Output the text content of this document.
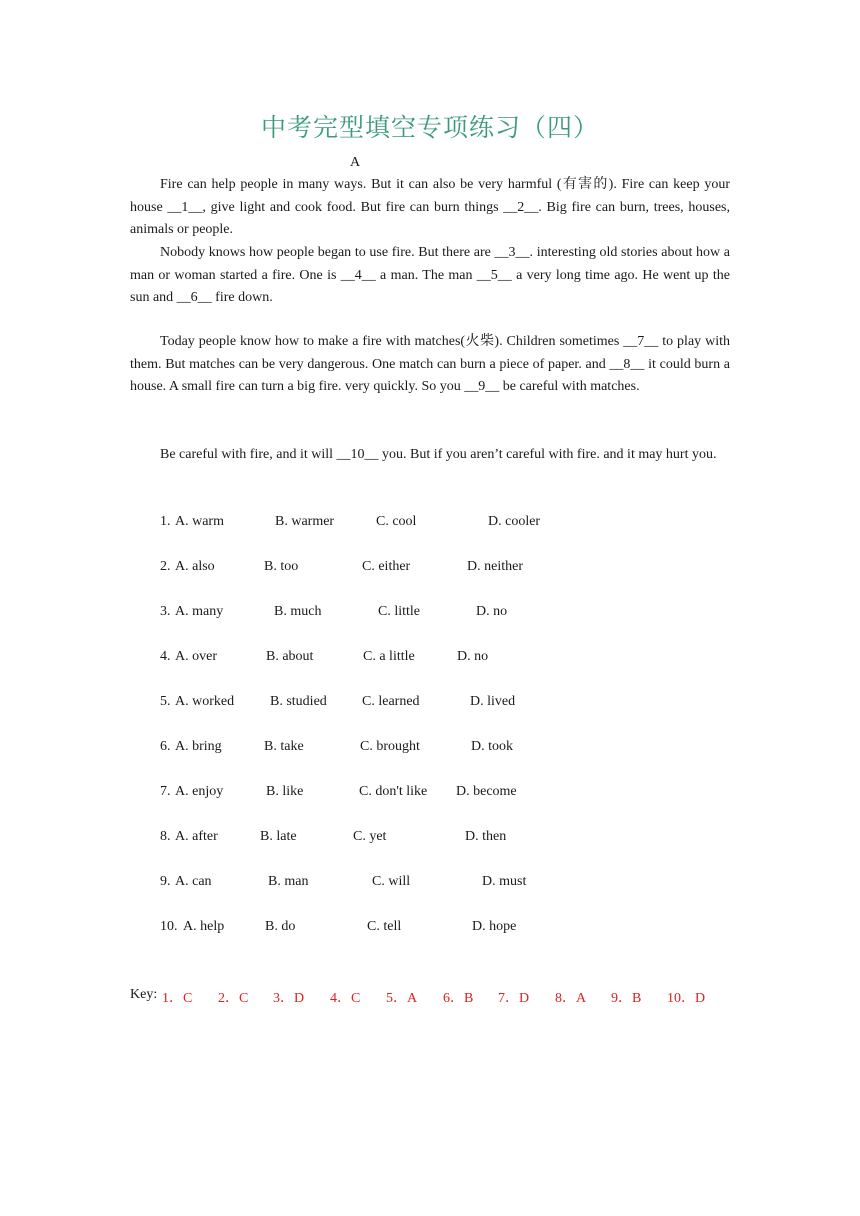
中考完型填空专项练习（四）
A

Fire can help people in many ways. But it can also be very harmful (有害的). Fire can keep your house __1__, give light and cook food. But fire can burn things __2__. Big fire can burn, trees, houses, animals or people.

Nobody knows how people began to use fire. But there are __3__. interesting old stories about how a man or woman started a fire. One is __4__ a man. The man __5__ a very long time ago. He went up the sun and __6__ fire down.

Today people know how to make a fire with matches(火柴). Children sometimes __7__ to play with them. But matches can be very dangerous. One match can burn a piece of paper. and __8__ it could burn a house. A small fire can turn a big fire. very quickly. So you __9__ be careful with matches.

Be careful with fire, and it will __10__ you. But if you aren’t careful with fire. and it may hurt you.

1. A. warm	B. warmer	C. cool	D. cooler
2. A. also	B. too	C. either	D. neither
3. A. many	B. much	C. little	D. no
4. A. over	B. about	C. a little	D. no
5. A. worked	B. studied	C. learned	D. lived
6. A. bring	B. take	C. brought	D. took
7. A. enjoy	B. like	C. don't like D. become
8. A. after	B. late	C. yet	D. then
9. A. can	B. man	C. will	D. must
10. A. help	B. do	C. tell	D. hope
Key: 1．C 2．C 3．D 4．C 5．A 6．B 7．D 8．A 9．B 10．D
